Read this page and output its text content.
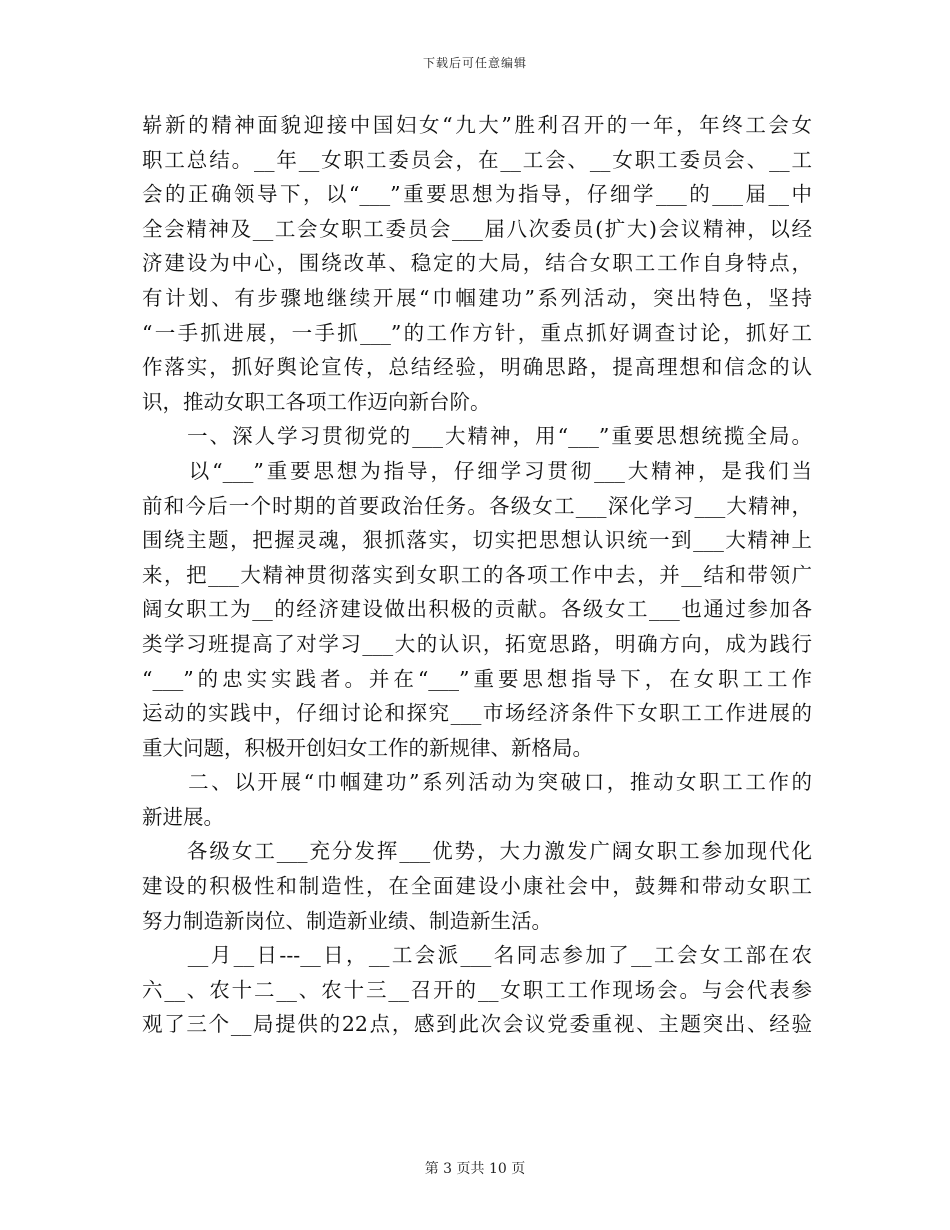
下载后可任意编辑

崭新的精神面貌迎接中国妇女“九大”胜利召开的一年，年终工会女

职工总结。__年__女职工委员会，在__工会、__女职工委员会、__工

会的正确领导下，以“___”重要思想为指导，仔细学___的___届__中

全会精神及__工会女职工委员会___届八次委员(扩大)会议精神，以经

济建设为中心，围绕改革、稳定的大局，结合女职工工作自身特点，

有计划、有步骤地继续开展“巾帼建功”系列活动，突出特色，坚持

“一手抓进展，一手抓___”的工作方针，重点抓好调查讨论，抓好工

作落实，抓好舆论宣传，总结经验，明确思路，提高理想和信念的认

识，推动女职工各项工作迈向新台阶。

　　一、深人学习贯彻党的___大精神，用“___”重要思想统揽全局。

　　以“___”重要思想为指导，仔细学习贯彻___大精神，是我们当

前和今后一个时期的首要政治任务。各级女工___深化学习___大精神，

围绕主题，把握灵魂，狠抓落实，切实把思想认识统一到___大精神上

来，把___大精神贯彻落实到女职工的各项工作中去，并__结和带领广

阔女职工为__的经济建设做出积极的贡献。各级女工___也通过参加各

类学习班提高了对学习___大的认识，拓宽思路，明确方向，成为践行

“___”的忠实实践者。并在“___”重要思想指导下，在女职工工作

运动的实践中，仔细讨论和探究___市场经济条件下女职工工作进展的

重大问题，积极开创妇女工作的新规律、新格局。

　　二、以开展“巾帼建功”系列活动为突破口，推动女职工工作的

新进展。

　　各级女工___充分发挥___优势，大力激发广阔女职工参加现代化

建设的积极性和制造性，在全面建设小康社会中，鼓舞和带动女职工

努力制造新岗位、制造新业绩、制造新生活。

　　__月__日---__日，__工会派___名同志参加了__工会女工部在农

六__、农十二__、农十三__召开的__女职工工作现场会。与会代表参

观了三个__局提供的22点，感到此次会议党委重视、主题突出、经验

第 3 页共 10 页
